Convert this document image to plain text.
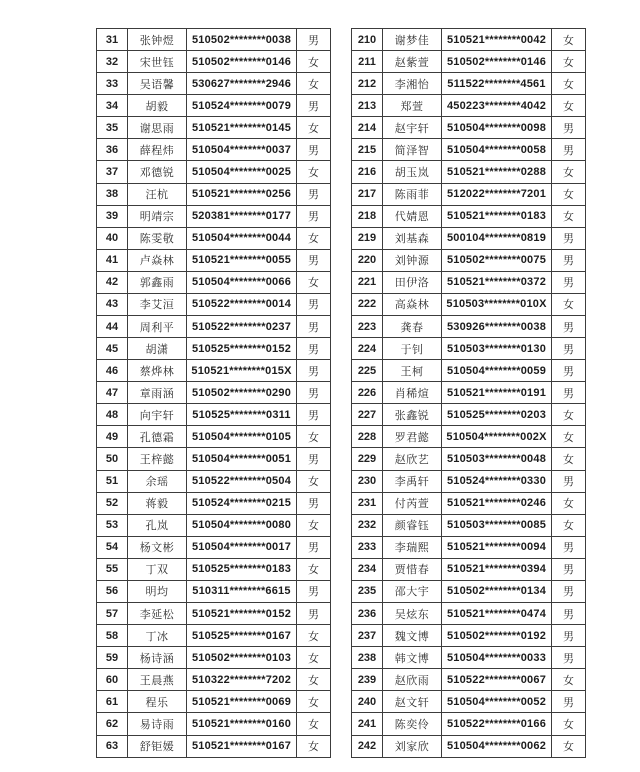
31	张钟煜	510502********0038	男
32	宋世钰	510502********0146	女
33	吴语馨	530627********2946	女
34	胡毅	510524********0079	男
35	谢思雨	510521********0145	女
36	薛程炜	510504********0037	男
37	邓德锐	510504********0025	女
38	汪杭	510521********0256	男
39	明靖宗	520381********0177	男
40	陈雯敬	510504********0044	女
41	卢焱林	510521********0055	男
42	郭鑫雨	510504********0066	女
43	李艾洹	510522********0014	男
44	周利平	510522********0237	男
45	胡潇	510525********0152	男
46	蔡烨林	510521********015X	男
47	章雨涵	510502********0290	男
48	向宇轩	510525********0311	男
49	孔德霜	510504********0105	女
50	王梓懿	510504********0051	男
51	余瑶	510522********0504	女
52	蒋毅	510524********0215	男
53	孔岚	510504********0080	女
54	杨文彬	510504********0017	男
55	丁双	510525********0183	女
56	明均	510311********6615	男
57	李延松	510521********0152	男
58	丁冰	510525********0167	女
59	杨诗涵	510502********0103	女
60	王晨燕	510322********7202	女
61	程乐	510521********0069	女
62	易诗雨	510521********0160	女
63	舒钜媛	510521********0167	女
210	谢梦佳	510521********0042	女
211	赵紫萱	510502********0146	女
212	李湘怡	511522********4561	女
213	郑萱	450223********4042	女
214	赵宇轩	510504********0098	男
215	简泽智	510504********0058	男
216	胡玉岚	510521********0288	女
217	陈雨菲	512022********7201	女
218	代婧恩	510521********0183	女
219	刘基森	500104********0819	男
220	刘钟源	510502********0075	男
221	田伊洛	510521********0372	男
222	高焱林	510503********010X	女
223	龚春	530926********0038	男
224	于钊	510503********0130	男
225	王柯	510504********0059	男
226	肖稀煊	510521********0191	男
227	张鑫锐	510525********0203	女
228	罗君懿	510504********002X	女
229	赵欣艺	510503********0048	女
230	李禹轩	510524********0330	男
231	付芮萱	510521********0246	女
232	颜睿钰	510503********0085	女
233	李瑞熙	510521********0094	男
234	贾惜春	510521********0394	男
235	邵大宇	510502********0134	男
236	吴炫东	510521********0474	男
237	魏文博	510502********0192	男
238	韩文博	510504********0033	男
239	赵欣雨	510522********0067	女
240	赵文轩	510504********0052	男
241	陈奕伶	510522********0166	女
242	刘家欣	510504********0062	女
